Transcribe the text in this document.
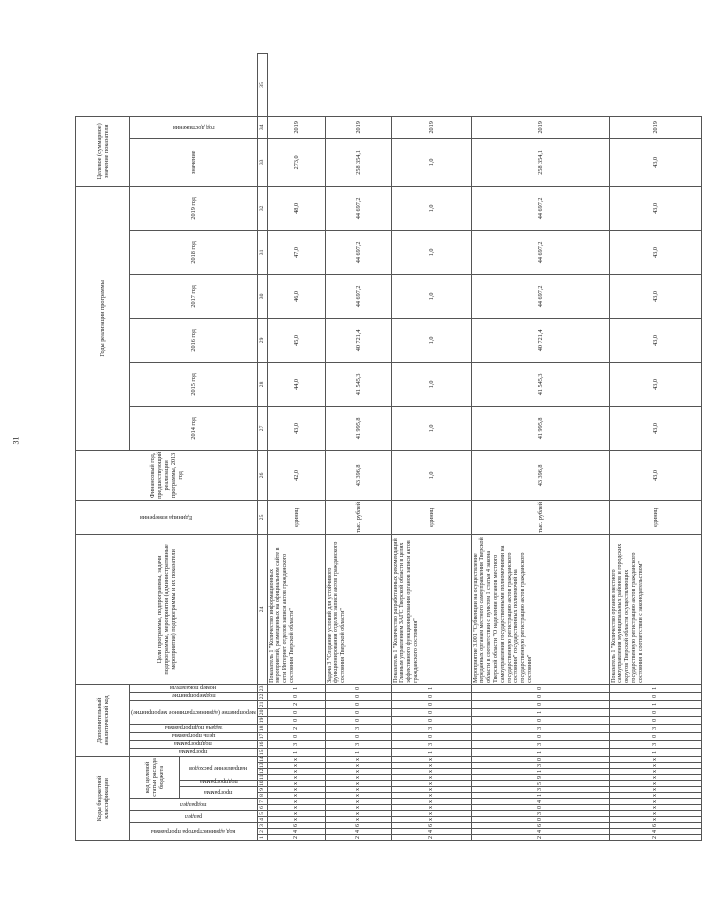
31
Коды бюджетной классификации														Дополнительный аналитический код									Цели программы, подпрограммы, задачи подпрограммы, мероприятия (административные мероприятия) подпрограммы и их показатели	Единица измерения	Финансовый год, предшествующий реализации программы, 2013 год	Годы реализации программы						Целевое (суммарное) значение показателя		

код администратора программы			раздел		подраздел		код целевой статьи расхода бюджета							программа	подпрограмма	цель программы	задача подпрограммы	мероприятие (административное мероприятие)			подмероприятие	номер показателя				2014 год	2015 год	2016 год	2017 год	2018 год	2019 год	значение	год достижения	

							программа		подпрограмма	направление расходов																								

1	2	3	4	5	6	7	8	9	10	11	12	13	14	15	16	17	18	19	20	21	22	23	24	25	26	27	28	29	30	31	32	33	34	35
2	4	6	х	х	х	х	х	х	х	х	х	х	х	1	3	0	2	0	0	2	0	1	Показатель 1 "Количество информационных мероприятий, размещенных на официальном сайте в сети Интернет отделов записи актов гражданского состояния Тверской области"	единиц	42,0	43,0	44,0	45,0	46,0	47,0	48,0	273,0	2019	
2	4	6	х	х	х	х	х	х	х	х	х	х	х	1	3	0	3	0	0	0	0	0	Задача 3 "Создание условий для устойчивого функционирования отделов записи актов гражданского состояния Тверской области"	тыс. рублей	43 396,8	41 995,8	41 545,3	40 721,4	44 697,2	44 697,2	44 697,2	258 354,1	2019	
2	4	6	х	х	х	х	х	х	х	х	х	х	х	1	3	0	3	0	0	0	0	1	Показатель 1 "Количество разработанных рекомендаций Главным управлением ЗАГС Тверской области в целях эффективного функционирования органов записи актов гражданского состояния"	единиц	1,0	1,0	1,0	1,0	1,0	1,0	1,0	1,0	2019	
2	4	6	0	3	0	4	1	3	5	9	1	3	0	1	3	0	3	0	1	0	0	0	Мероприятие 3.001 "Субвенции на осуществление переданных органам местного самоуправления Тверской области в соответствии с пунктом 1 статьи 4 закона Тверской области "О наделении органов местного самоуправления государственными полномочиями на государственную регистрацию актов гражданского состояния" государственных полномочий на государственную регистрацию актов гражданского состояния"	тыс. рублей	43 396,8	41 995,8	41 545,3	40 721,4	44 697,2	44 697,2	44 697,2	258 354,1	2019	
2	4	6	х	х	х	х	х	х	х	х	х	х	х	1	3	0	3	0	0	1	0	1	Показатель 1 "Количество органов местного самоуправления муниципальных районов и городских округов Тверской области осуществляющих государственную регистрацию актов гражданского состояния в соответствии с законодательством"	единиц	43,0	43,0	43,0	43,0	43,0	43,0	43,0	43,0	2019	
